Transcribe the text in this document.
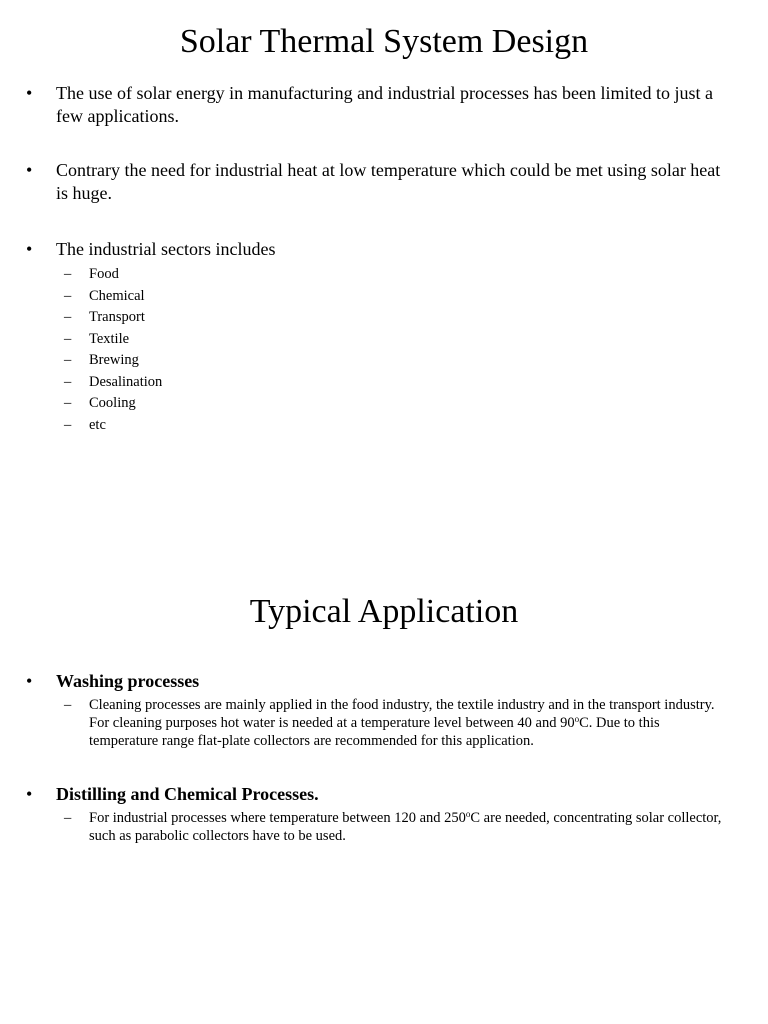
Solar Thermal System Design
•	The use of solar energy in manufacturing and industrial processes has been limited to just a few applications.
•	Contrary the need for industrial heat at low temperature which could be met using solar heat is huge.
•	The industrial sectors includes
– Food
– Chemical
– Transport
– Textile
– Brewing
– Desalination
– Cooling
– etc
Typical Application
•	Washing processes
–	Cleaning processes are mainly applied in the food industry, the textile industry and in the transport industry. For cleaning purposes hot water is needed at a temperature level between 40 and 90$^o$C. Due to this temperature range flat-plate collectors are recommended for this application.
•	Distilling and Chemical Processes.
–	For industrial processes where temperature between 120 and 250$^o$C are needed, concentrating solar collector, such as parabolic collectors have to be used.
